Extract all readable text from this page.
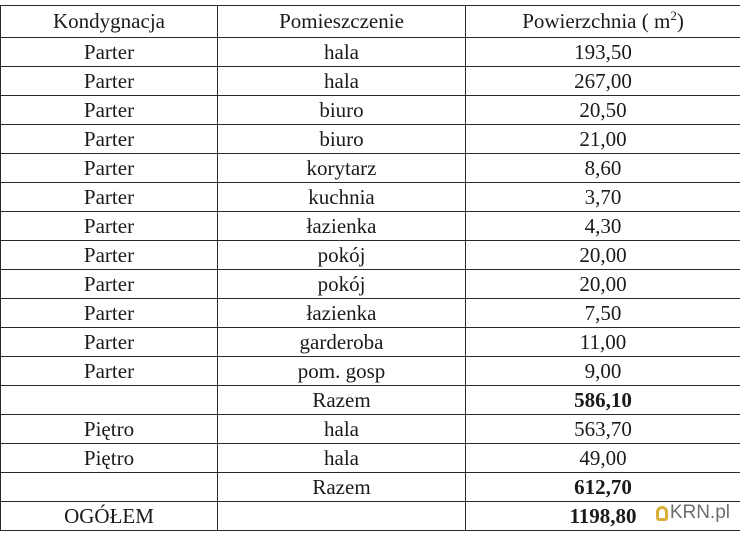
Kondygnacja	Pomieszczenie	Powierzchnia ( $m^2$)
Parter	hala	193,50
Parter	hala	267,00
Parter	biuro	20,50
Parter	biuro	21,00
Parter	korytarz	8,60
Parter	kuchnia	3,70
Parter	łazienka	4,30
Parter	pokój	20,00
Parter	pokój	20,00
Parter	łazienka	7,50
Parter	garderoba	11,00
Parter	pom. gosp	9,00
	Razem	586,10
Piętro	hala	563,70
Piętro	hala	49,00
	Razem	612,70
OGÓŁEM		1198,80 KRN.pl
